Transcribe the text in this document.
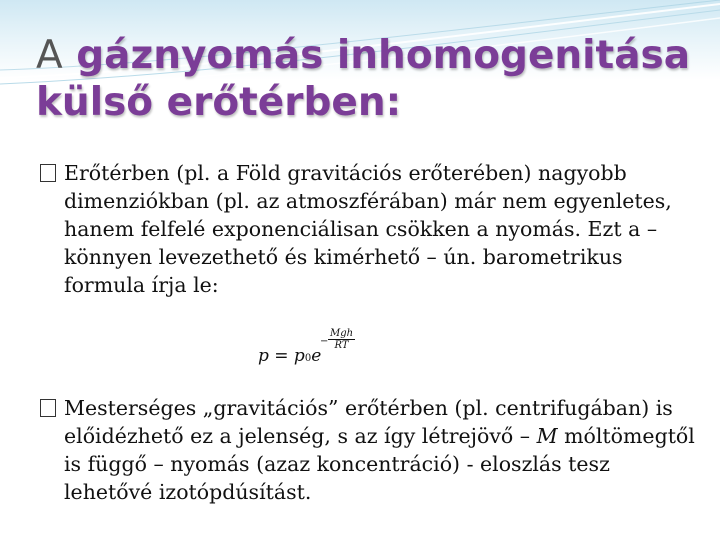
A gáznyomás inhomogenitása külső erőtérben:

Erőtérben (pl. a Föld gravitációs erőterében) nagyobb dimenziókban (pl. az atmoszférában) már nem egyenletes, hanem felfelé exponenciálisan csökken a nyomás. Ezt a – könnyen levezethető és kimérhető – ún. barometrikus formula írja le:

p = p0e
−
Mgh
RT

Mesterséges „gravitációs” erőtérben (pl. centrifugában) is előidézhető ez a jelenség, s az így létrejövő – M móltömegtől is függő – nyomás (azaz koncentráció) - eloszlás tesz lehetővé izotópdúsítást.
